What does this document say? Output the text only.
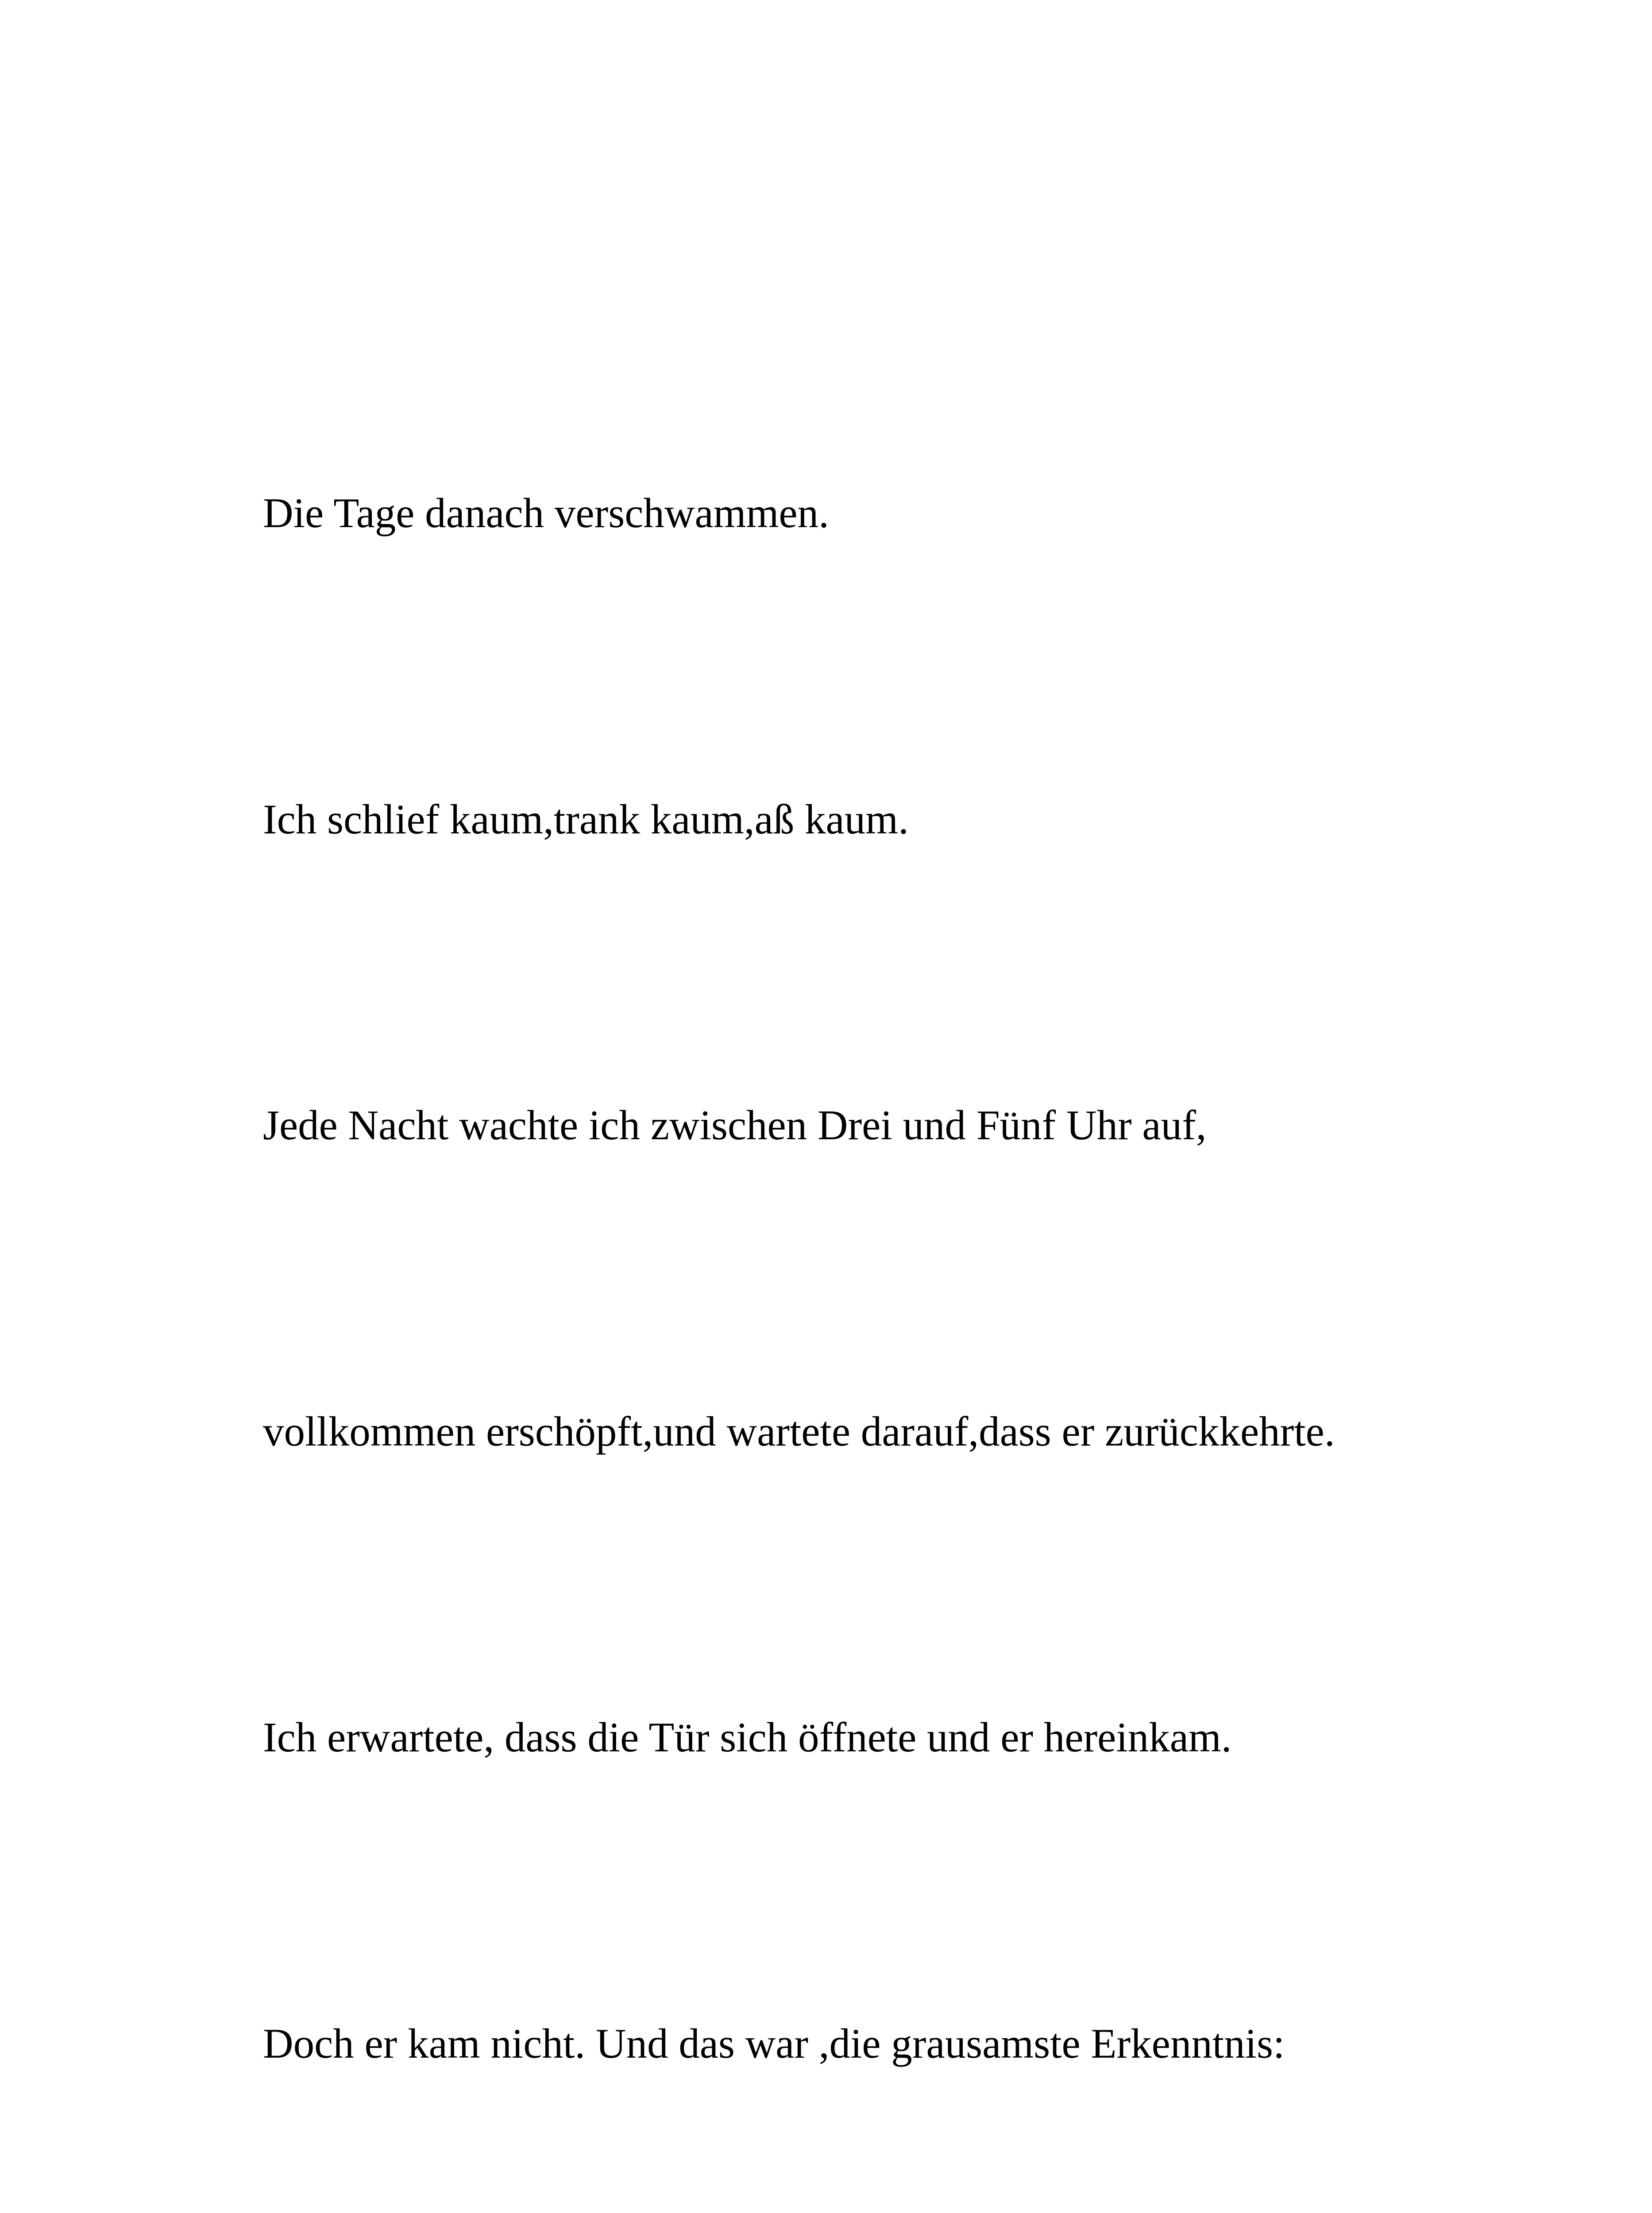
Die Tage danach verschwammen.

Ich schlief kaum,trank kaum,aß kaum.

Jede Nacht wachte ich zwischen Drei und Fünf Uhr auf,

vollkommen erschöpft,und wartete darauf,dass er zurückkehrte.

Ich erwartete, dass die Tür sich öffnete und er hereinkam.

Doch er kam nicht. Und das war ,die grausamste Erkenntnis:
